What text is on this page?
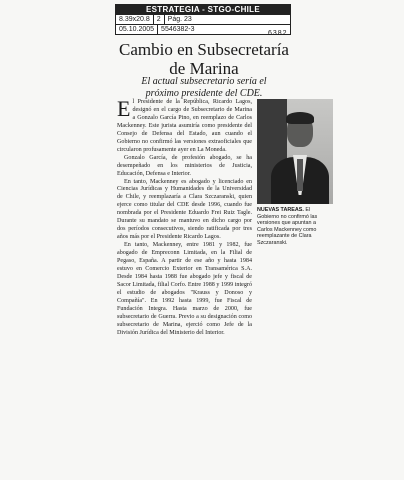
ESTRATEGIA - STGO-CHILE
8.39x20.8	2	Pág. 23
05.10.2005	5546382-3
6382
Cambio en Subsecretaría
de Marina

El actual subsecretario sería el
próximo presidente del CDE.

El Presidente de la República, Ricardo Lagos, designó en el cargo de Subsecretario de Marina a Gonzalo García Pino, en reemplazo de Carlos Mackenney. Este jurista asumiría como presidente del Consejo de Defensa del Estado, aun cuando el Gobierno no confirmó las versiones extraoficiales que circularon profusamente ayer en La Moneda.

Gonzalo García, de profesión abogado, se ha desempeñado en los ministerios de Justicia, Educación, Defensa e Interior.

En tanto, Mackenney es abogado y licenciado en Ciencias Jurídicas y Humanidades de la Universidad de Chile, y reemplazaría a Clara Szczaranski, quien ejerce como titular del CDE desde 1996, cuando fue nombrada por el Presidente Eduardo Frei Ruiz Tagle. Durante su mandato se mantuvo en dicho cargo por dos períodos consecutivos, siendo ratificada por tres años más por el Presidente Ricardo Lagos.

En tanto, Mackenney, entre 1981 y 1982, fue abogado de Empreconn Limitada, en la Filial de Pegaso, España. A partir de ese año y hasta 1984 estuvo en Comercio Exterior en Transamérica S.A. Desde 1984 hasta 1988 fue abogado jefe y fiscal de Sacor Limitada, filial Corfo. Entre 1988 y 1999 integró el estudio de abogados "Krauss y Donoso y Compañía". En 1992 hasta 1999, fue Fiscal de Fundación Integra. Hasta marzo de 2000, fue subsecretario de Guerra. Previo a su designación como subsecretario de Marina, ejerció como Jefe de la División Jurídica del Ministerio del Interior.

NUEVAS TAREAS. El Gobierno no confirmó las versiones que apuntan a Carlos Mackenney como reemplazante de Clara Szczaranski.
